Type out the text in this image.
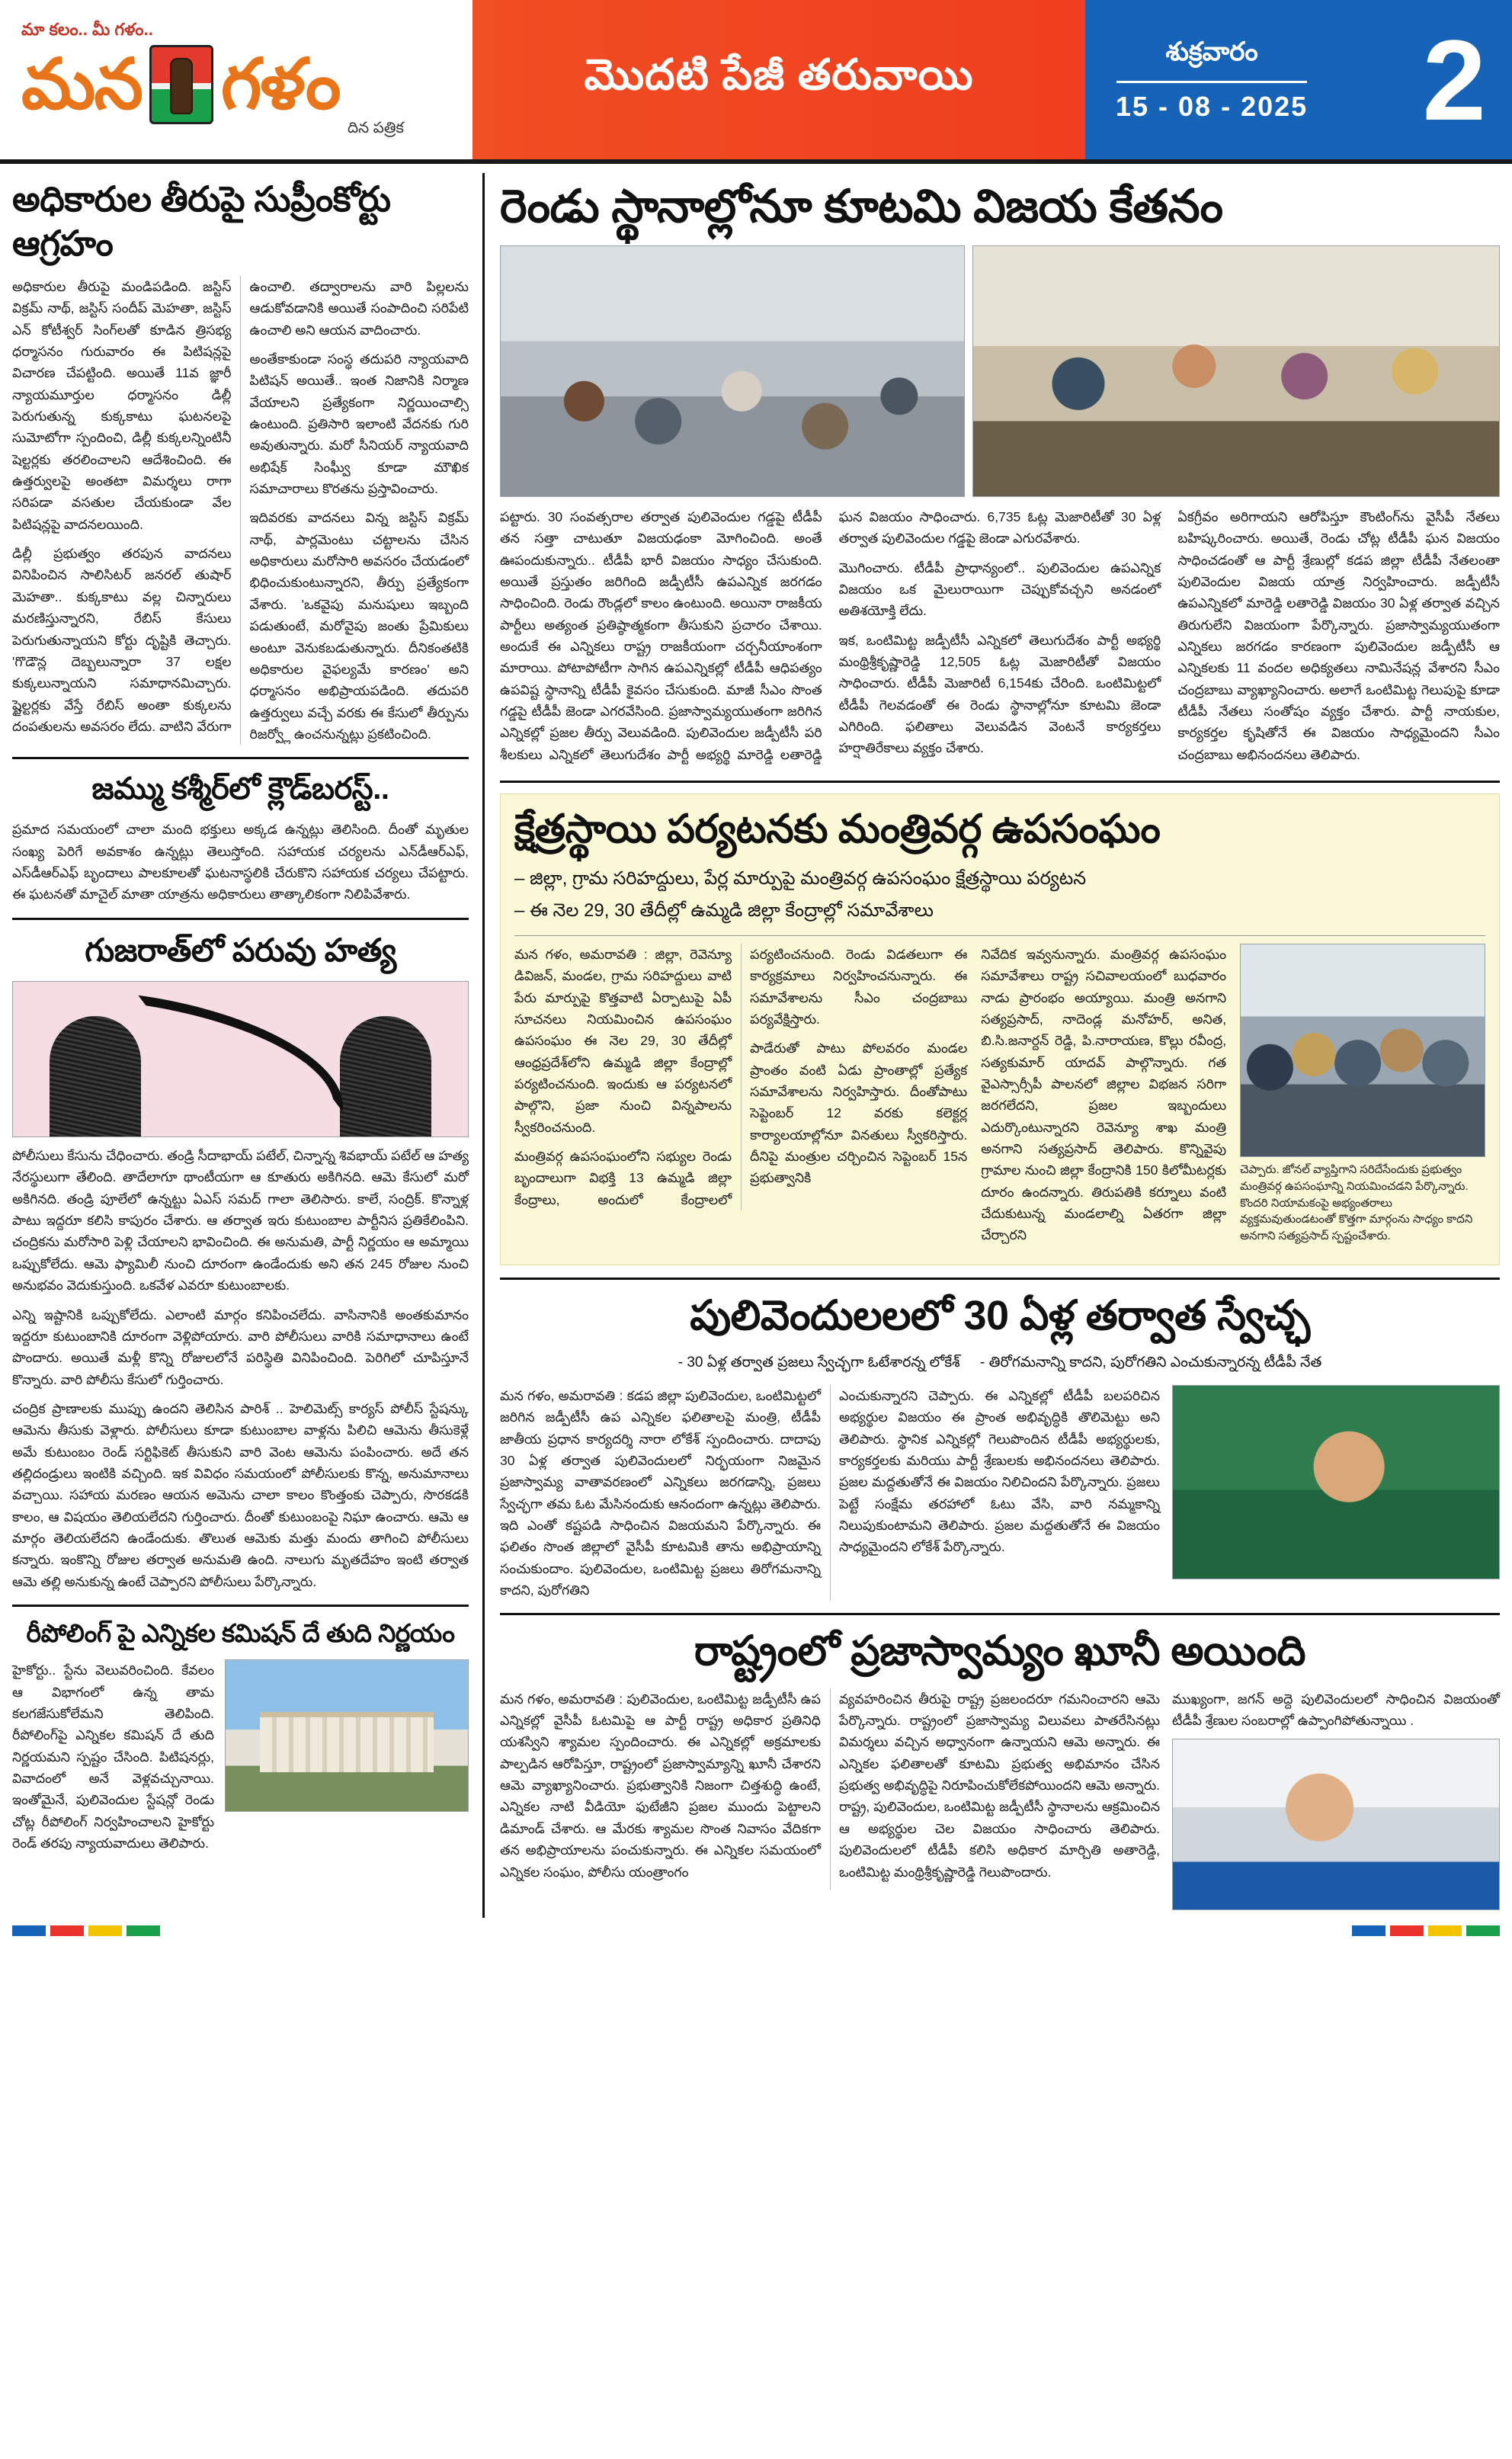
మా కలం.. మీ గళం..
మన గళం
దిన పత్రిక
మొదటి పేజీ తరువాయి	శుక్రవారం
15 - 08 - 2025 2
అధికారుల తీరుపై సుప్రీంకోర్టు ఆగ్రహం

అధికారుల తీరుపై మండిపడింది. జస్టిస్ విక్రమ్ నాథ్, జస్టిస్ సందీప్ మెహతా, జస్టిస్ ఎన్ కోటీశ్వర్ సింగ్‌లతో కూడిన త్రిసభ్య ధర్మాసనం గురువారం ఈ పిటిషన్లపై విచారణ చేపట్టింది. అయితే 11వ జ్ఞారీ న్యాయమూర్తుల ధర్మాసనం డిల్లీ పెరుగుతున్న కుక్కకాటు ఘటనలపై సుమోటోగా స్పందించి, డిల్లీ కుక్కలన్నింటినీ షెల్టర్లకు తరలించాలని ఆదేశించింది. ఈ ఉత్తర్వులపై అంతటా విమర్శలు రాగా సరిపడా వసతుల చేయకుండా వేల పిటిషన్లపై వాదనలయింది.

డిల్లీ ప్రభుత్వం తరపున వాదనలు వినిపించిన సాలిసిటర్ జనరల్ తుషార్ మెహతా.. కుక్కకాటు వల్ల చిన్నారులు మరణిస్తున్నారని, రేబిస్ కేసులు పెరుగుతున్నాయని కోర్టు దృష్టికి తెచ్చారు. 'గొడౌన్ల దెబ్బలున్నారా 37 లక్షల కుక్కలున్నాయని సమాధానమిచ్చారు. ష్టైల్టర్లకు వేస్తే రేబిస్ అంతా కుక్కలను దంపతులను అవసరం లేదు. వాటిని వేరుగా ఉంచాలి. తద్వారాలను వారి పిల్లలను ఆడుకోవడానికి అయితే సంపాదించి సరిపేటి ఉంచాలి అని ఆయన వాదించారు.

అంతేకాకుండా సంస్థ తదుపరి న్యాయవాది పిటిషన్ అయితే.. ఇంత నిజానికి నిర్మాణ వేయాలని ప్రత్యేకంగా నిర్ణయించాల్సి ఉంటుంది. ప్రతిసారి ఇలాంటి వేదనకు గురి అవుతున్నారు. మరో సీనియర్ న్యాయవాది అభిషేక్ సింఘ్వీ కూడా మౌఖిక సమాచారాలు కొరతను ప్రస్తావించారు.

ఇదివరకు వాదనలు విన్న జస్టిస్ విక్రమ్ నాథ్, పార్లమెంటు చట్టాలను చేసిన అధికారులు మరోసారి అవసరం చేయడంలో భిధించుకుంటున్నారని, తీర్పు ప్రత్యేకంగా వేశారు. 'ఒకవైపు మనుషులు ఇబ్బంది పడుతుంటే, మరోవైపు జంతు ప్రేమికులు అంటూ వెనుకబడుతున్నారు. దీనికంతటికి అధికారుల వైఫల్యమే కారణం' అని ధర్మాసనం అభిప్రాయపడింది. తదుపరి ఉత్తర్వులు వచ్చే వరకు ఈ కేసులో తీర్పును రిజర్వ్లో ఉంచనున్నట్లు ప్రకటించింది.

జమ్ము కశ్మీర్‌లో క్లౌడ్‌బరస్ట్..

ప్రమాద సమయంలో చాలా మంది భక్తులు అక్కడ ఉన్నట్లు తెలిసింది. దీంతో మృతుల సంఖ్య పెరిగే అవకాశం ఉన్నట్లు తెలుస్తోంది. సహాయక చర్యలను ఎన్‌డీఆర్‌ఎఫ్, ఎస్‌డీఆర్‌ఎఫ్ బృందాలు పాలకూలతో ఘటనాస్థలికి చేరుకొని సహాయక చర్యలు చేపట్టారు. ఈ ఘటనతో మాచైల్ మాతా యాత్రను అధికారులు తాత్కాలికంగా నిలిపివేశారు.

గుజరాత్‌లో పరువు హత్య

పోలీసులు కేసును చేధించారు. తండ్రి సీదాభాయ్ పటేల్, చిన్నాన్న శివభాయ్ పటేల్ ఆ హత్య నేరస్థులుగా తేలింది. తాదేలాగూ థాంటీయగా ఆ కూతురు అకిగినది. ఆమె కేసులో మరో అకిగినది. తండ్రి పూలేలో ఉన్నట్టు ఏఎస్‌ సమద్ గాలా తెలిసారు. కాలే, సంద్రిక్. కొన్నాళ్ల పాటు ఇద్దరూ కలిసి కాపురం చేశారు. ఆ తర్వాత ఇరు కుటుంబాల పార్టీనిస ప్రతికేలింపిని. చంద్రికను మరోసారి పెళ్లి చేయాలని భావించింది. ఈ అనుమతి, పార్టీ నిర్ణయం ఆ అమ్మాయి ఒప్పుకోలేదు. ఆమె ఫ్యామిలీ నుంచి దూరంగా ఉండేందుకు అని తన 245 రోజుల నుంచి అనుభవం వెదుకుస్తుంది. ఒకవేళ ఎవరూ కుటుంబాలకు.

ఎన్ని ఇష్టానికి ఒప్పుకోలేదు. ఎలాంటి మార్గం కనిపించలేదు. వాసినానికి అంతకుమానం ఇద్దరూ కుటుంబానికి దూరంగా వెళ్లిపోయారు. వారి పోలీసులు వారికి సమాధానాలు ఉంటే పొందారు. అయితే మళ్లీ కొన్ని రోజులలోనే పరిస్థితి వినిపించింది. పెరిగిలో చూపిస్తూనే కొన్నారు. వారి పోలీసు కేసులో గుర్తించారు.

చంద్రిక ప్రాణాలకు ముప్పు ఉందని తెలిసిన పారిశ్ .. హెలిమెట్స్ కార్యస్ పోలీస్ స్టేషన్కు ఆమెను తీసుకు వెళ్లారు. పోలీసులు కూడా కుటుంబాల వాళ్లను పిలిచి ఆమెను తీసుకెళ్లే అమే కుటుంబం రెండ్ సర్టిఫికెట్ తీసుకుని వారి వెంట ఆమెను పంపించారు. అదే తన తల్లిదండ్రులు ఇంటికి వచ్చింది. ఇక వివిధం సమయంలో పోలీసులకు కొన్న, అనుమానాలు వచ్చాయి. సహాయ మరణం ఆయన అమెను చాలా కాలం కొంత్తంకు చెప్పారు, సొరకడకి కాలం, ఆ విషయం తెలియలేదని గుర్తించారు. దీంతో కుటుంబంపై నిఘా ఉంచారు. ఆమె ఆ మార్గం తెలియలేదని ఉండేందుకు. తొలుత ఆమెకు మత్తు మందు తాగించి పోలీసులు కన్నారు. ఇంకొన్ని రోజుల తర్వాత అనుమతి ఉంది. నాలుగు మృతదేహం ఇంటి తర్వాత ఆమె తల్లి అనుకున్న ఉంటే చెప్పారని పోలీసులు పేర్కొన్నారు.

రీపోలింగ్ పై ఎన్నికల కమిషన్ దే తుది నిర్ణయం

హైకోర్టు.. స్టేను వెలువరించింది. కేవలం ఆ విభాగంలో ఉన్న తామ కలగజేసుకోలేమని తెలిపింది. రీపోలింగ్‌పై ఎన్నికల కమిషన్ దే తుది నిర్ణయమని స్పష్టం చేసింది. పిటిషనర్లు, వివాదంలో అనే వెళ్లవచ్చునాయి. ఇంతోమైనే, పులివెందుల స్టేషన్లో రెండు చోట్ల రీపోలింగ్ నిర్వహించాలని హైకోర్టు రెండ్ తరపు న్యాయవాదులు తెలిపారు.

రెండు స్థానాల్లోనూ కూటమి విజయ కేతనం

పట్టారు. 30 సంవత్సరాల తర్వాత పులివెందుల గడ్డపై టీడీపీ తన సత్తా చాటుతూ విజయఢంకా మోగించింది. అంతే ఊపందుకున్నారు.. టీడీపీ భారీ విజయం సాధ్యం చేసుకుంది. అయితే ప్రస్తుతం జరిగింది జడ్పీటీసీ ఉపఎన్నిక జరగడం సాధించింది. రెండు రౌండ్లలో కాలం ఉంటుంది. అయినా రాజకీయ పార్టీలు అత్యంత ప్రతిష్ఠాత్మకంగా తీసుకుని ప్రచారం చేశాయి. అందుకే ఈ ఎన్నికలు రాష్ట్ర రాజకీయంగా చర్చనీయాంశంగా మారాయి. పోటాపోటీగా సాగిన ఉపఎన్నికల్లో టీడీపీ ఆధిపత్యం ఉపవిష్ట స్థానాన్ని టీడీపీ కైవసం చేసుకుంది. మాజీ సీఎం సొంత గడ్డపై టీడీపీ జెండా ఎగరవేసింది. ప్రజాస్వామ్యయుతంగా జరిగిన ఎన్నికల్లో ప్రజల తీర్పు వెలువడింది. పులివెందుల జడ్పీటీసీ పరి శీలకులు ఎన్నికలో తెలుగుదేశం పార్టీ అభ్యర్థి మారెడ్డి లతారెడ్డి ఘన విజయం సాధించారు. 6,735 ఓట్ల మెజారిటీతో 30 ఏళ్ల తర్వాత పులివెందుల గడ్డపై జెండా ఎగురవేశారు.

మొగించారు. టీడీపీ ప్రాధాన్యంలో.. పులివెందుల ఉపఎన్నిక విజయం ఒక మైలురాయిగా చెప్పుకోవచ్చని అనడంలో అతిశయోక్తి లేదు.

ఇక, ఒంటిమిట్ట జడ్పీటీసీ ఎన్నికలో తెలుగుదేశం పార్టీ అభ్యర్థి మంథ్రిశ్రీకృష్ణారెడ్డి 12,505 ఓట్ల మెజారిటీతో విజయం సాధించారు. టీడీపీ మెజారిటీ 6,154కు చేరింది. ఒంటిమిట్టలో టీడీపీ గెలవడంతో ఈ రెండు స్థానాల్లోనూ కూటమి జెండా ఎగిరింది. ఫలితాలు వెలువడిన వెంటనే కార్యకర్తలు హర్షాతిరేకాలు వ్యక్తం చేశారు.

ఏకగ్రీవం అరిగాయని ఆరోపిస్తూ కౌంటింగ్‌ను వైసీపీ నేతలు బహిష్కరించారు. అయితే, రెండు చోట్ల టీడీపీ ఘన విజయం సాధించడంతో ఆ పార్టీ శ్రేణుల్లో కడప జిల్లా టీడీపీ నేతలంతా పులివెందుల విజయ యాత్ర నిర్వహించారు. జడ్పీటీసీ ఉపఎన్నికలో మారెడ్డి లతారెడ్డి విజయం 30 ఏళ్ల తర్వాత వచ్చిన తిరుగులేని విజయంగా పేర్కొన్నారు. ప్రజాస్వామ్యయుతంగా ఎన్నికలు జరగడం కారణంగా పులివెందుల జడ్పీటీసీ ఆ ఎన్నికలకు 11 వందల అధిక్యతలు నామినేషన్ల వేశారని సీఎం చంద్రబాబు వ్యాఖ్యానించారు. అలాగే ఒంటిమిట్ట గెలుపుపై కూడా టీడీపీ నేతలు సంతోషం వ్యక్తం చేశారు. పార్టీ నాయకుల, కార్యకర్తల కృషితోనే ఈ విజయం సాధ్యమైందని సీఎం చంద్రబాబు అభినందనలు తెలిపారు.

క్షేత్రస్థాయి పర్యటనకు మంత్రివర్గ ఉపసంఘం
– జిల్లా, గ్రామ సరిహద్దులు, పేర్ల మార్పుపై మంత్రివర్గ ఉపసంఘం క్షేత్రస్థాయి పర్యటన
– ఈ నెల 29, 30 తేదీల్లో ఉమ్మడి జిల్లా కేంద్రాల్లో సమావేశాలు

మన గళం, అమరావతి : జిల్లా, రెవెన్యూ డివిజన్, మండల, గ్రామ సరిహద్దులు వాటి పేరు మార్పుపై కొత్తవాటి ఏర్పాటుపై ఏపీ సూచనలు నియమించిన ఉపసంఘం ఉపసంఘం ఈ నెల 29, 30 తేదీల్లో ఆంధ్రప్రదేశ్‌లోని ఉమ్మడి జిల్లా కేంద్రాల్లో పర్యటించనుంది. ఇందుకు ఆ పర్యటనలో పాల్గొని, ప్రజా నుంచి విన్నపాలను స్వీకరించనుంది.

మంత్రివర్గ ఉపసంఘంలోని సభ్యుల రెండు బృందాలుగా విభక్తి 13 ఉమ్మడి జిల్లా కేంద్రాలు, అందులో కేంద్రాలలో పర్యటించనుంది. రెండు విడతలుగా ఈ కార్యక్రమాలు నిర్వహించనున్నారు. ఈ సమావేశాలను సీఎం చంద్రబాబు పర్యవేక్షిస్తారు.

పాడేరుతో పాటు పోలవరం మండల ప్రాంతం వంటి ఏడు ప్రాంతాల్లో ప్రత్యేక సమావేశాలను నిర్వహిస్తారు. దీంతోపాటు సెప్టెంబర్ 12 వరకు కలెక్టర్ల కార్యాలయాల్లోనూ వినతులు స్వీకరిస్తారు. దీనిపై మంత్రుల చర్చించిన సెప్టెంబర్ 15న ప్రభుత్వానికి

నివేదిక ఇవ్వనున్నారు. మంత్రివర్గ ఉపసంఘం సమావేశాలు రాష్ట్ర సచివాలయంలో బుధవారం నాడు ప్రారంభం అయ్యాయి. మంత్రి అనగాని సత్యప్రసాద్, నాదెండ్ల మనోహర్, అనిత, బి.సి.జనార్దన్ రెడ్డి, పి.నారాయణ, కొల్లు రవీంద్ర, సత్యకుమార్ యాదవ్ పాల్గొన్నారు. గత వైఎస్సార్సీపీ పాలనలో జిల్లాల విభజన సరిగా జరగలేదని, ప్రజల ఇబ్బందులు ఎదుర్కొంటున్నారని రెవెన్యూ శాఖ మంత్రి అనగాని సత్యప్రసాద్ తెలిపారు. కొన్నివైపు గ్రామాల నుంచి జిల్లా కేంద్రానికి 150 కిలోమీటర్లకు దూరం ఉందన్నారు. తిరుపతికి కర్నూలు వంటి చేదుకుటున్న మండలాల్ని ఏతరగా జిల్లా చేర్చారని

చెప్పారు. జోనల్ వ్యాప్తిగాని సరిదేసేందుకు ప్రభుత్వం మంత్రివర్గ ఉపసంఘాన్ని నియమించడని పేర్కొన్నారు. కొందరి నియామకంపై అభ్యంతరాలు వ్యక్తమవుతుండటంతో కొత్తగా మార్గంను సాధ్యం కాదని అనగాని సత్యప్రసాద్ స్పష్టంచేశారు.
పులివెందులలలో 30 ఏళ్ల తర్వాత స్వేచ్ఛ
- 30 ఏళ్ల తర్వాత ప్రజలు స్వేచ్ఛగా ఓటేశారన్న లోకేశ్ - తిరోగమనాన్ని కాదని, పురోగతిని ఎంచుకున్నారన్న టీడీపీ నేత

మన గళం, అమరావతి : కడప జిల్లా పులివెందుల, ఒంటిమిట్టలో జరిగిన జడ్పీటీసీ ఉప ఎన్నికల ఫలితాలపై మంత్రి, టీడీపీ జాతీయ ప్రధాన కార్యదర్శి నారా లోకేశ్ స్పందించారు. దాదాపు 30 ఏళ్ల తర్వాత పులివెందులలో నిర్భయంగా నిజమైన ప్రజాస్వామ్య వాతావరణంలో ఎన్నికలు జరగడాన్ని, ప్రజలు స్వేచ్ఛగా తమ ఓట మేసినందుకు ఆనందంగా ఉన్నట్లు తెలిపారు. ఇది ఎంతో కష్టపడి సాధించిన విజయమని పేర్కొన్నారు. ఈ ఫలితం సొంత జిల్లాలో వైసీపీ కూటమికి తాను అభిప్రాయాన్ని సంచుకుందాం. పులివెందుల, ఒంటిమిట్ట ప్రజలు తిరోగమనాన్ని కాదని, పురోగతిని

ఎంచుకున్నారని చెప్పారు. ఈ ఎన్నికల్లో టీడీపీ బలపరిచిన అభ్యర్థుల విజయం ఈ ప్రాంత అభివృద్ధికి తొలిమెట్టు అని తెలిపారు. స్థానిక ఎన్నికల్లో గెలుపొందిన టీడీపీ అభ్యర్థులకు, కార్యకర్తలకు మరియు పార్టీ శ్రేణులకు అభినందనలు తెలిపారు. ప్రజల మద్దతుతోనే ఈ విజయం నిలిచిందని పేర్కొన్నారు. ప్రజలు పెట్టే సంక్షేమ తరహాలో ఓటు వేసి, వారి నమ్మకాన్ని నిలుపుకుంటామని తెలిపారు. ప్రజల మద్దతుతోనే ఈ విజయం సాధ్యమైందని లోకేశ్ పేర్కొన్నారు.

రాష్ట్రంలో ప్రజాస్వామ్యం ఖూనీ అయింది

మన గళం, అమరావతి : పులివెందుల, ఒంటిమిట్ట జడ్పీటీసీ ఉప ఎన్నికల్లో వైసీపీ ఓటమిపై ఆ పార్టీ రాష్ట్ర అధికార ప్రతినిధి యశస్విని శ్యామల స్పందించారు. ఈ ఎన్నికల్లో అక్రమాలకు పాల్పడిన ఆరోపిస్తూ, రాష్ట్రంలో ప్రజాస్వామ్యాన్ని ఖూనీ చేశారని ఆమె వ్యాఖ్యానించారు. ప్రభుత్వానికి నిజంగా చిత్తశుద్ధి ఉంటే, ఎన్నికల నాటి వీడియో ఫుటేజీని ప్రజల ముందు పెట్టాలని డిమాండ్ చేశారు. ఆ మేరకు శ్యామల సొంత నివాసం వేదికగా తన అభిప్రాయాలను పంచుకున్నారు. ఈ ఎన్నికల సమయంలో ఎన్నికల సంఘం, పోలీసు యంత్రాంగం

వ్యవహరించిన తీరుపై రాష్ట్ర ప్రజలందరూ గమనించారని ఆమె పేర్కొన్నారు. రాష్ట్రంలో ప్రజాస్వామ్య విలువలు పాతరేసినట్లు విమర్శలు వచ్చిన అధ్వానంగా ఉన్నాయని ఆమె అన్నారు. ఈ ఎన్నికల ఫలితాలతో కూటమి ప్రభుత్వ అభిమానం చేసిన ప్రభుత్వ అభివృద్ధిపై నిరూపించుకోలేకపోయిందని ఆమె అన్నారు. రాష్ట్ర, పులివెందుల, ఒంటిమిట్ట జడ్పీటీసీ స్థానాలను ఆక్రమించిన ఆ అభ్యర్థుల చెల విజయం సాధించారు తెలిపారు. పులివెందులలో టీడీపీ కలిసి అధికార మార్చితి అతారెడ్డి, ఒంటిమిట్ట మంథ్రిశ్రీకృష్ణారెడ్డి గెలుపొందారు.

ముఖ్యంగా, జగన్ అద్దె పులివెందులలో సాధించిన విజయంతో టీడీపీ శ్రేణుల సంబరాల్లో ఉప్పాంగిపోతున్నాయి .
